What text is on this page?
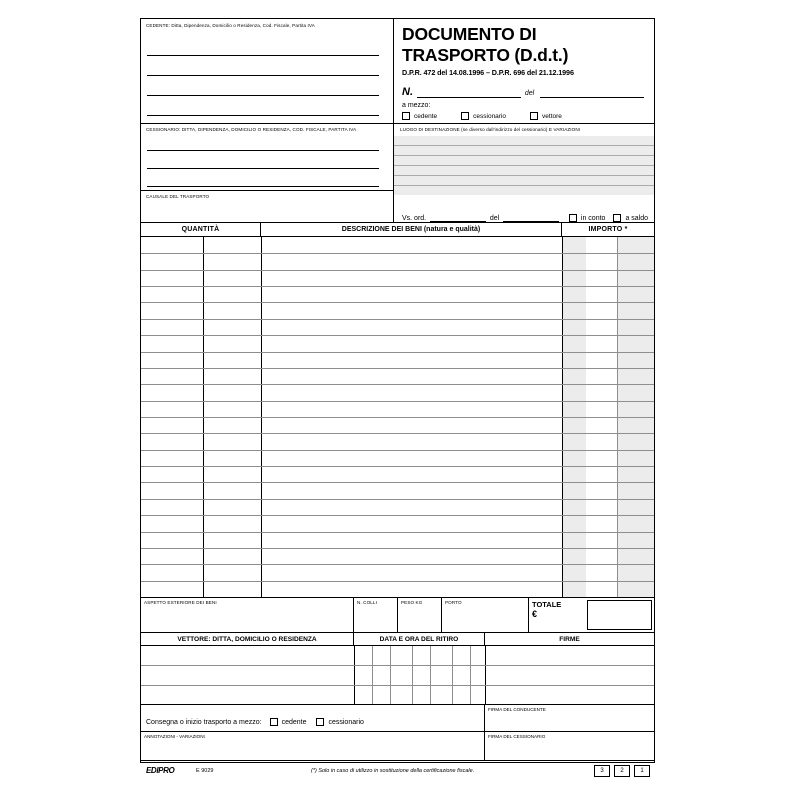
CEDENTE: Ditta, Dipendenza, Domicilio o Residenza, Cod. Fiscale, Partita IVA	DOCUMENTO DI TRASPORTO (D.d.t.)
D.P.R. 472 del 14.08.1996 – D.P.R. 696 del 21.12.1996
N.	del
a mezzo:
cedente	cessionario	vettore
CESSIONARIO: DITTA, DIPENDENZA, DOMICILIO O RESIDENZA, COD. FISCALE, PARTITA IVA	LUOGO DI DESTINAZIONE (se diverso dall'indirizzo del cessionario) E VARIAZIONI
CAUSALE DEL TRASPORTO
Vs. ord.	del	in conto	a saldo
QUANTITÀ	DESCRIZIONE DEI BENI (natura e qualità)	IMPORTO *
ASPETTO ESTERIORE DEI BENI	N. COLLI	PESO KG	PORTO	TOTALE
€
VETTORE: DITTA, DOMICILIO O RESIDENZA	DATA E ORA DEL RITIRO	FIRME
Consegna o inizio trasporto a mezzo:	cedente	cessionario
FIRMA DEL CONDUCENTE
ANNOTAZIONI - VARIAZIONI	FIRMA DEL CESSIONARIO
EDIPRO	E 9029	(*) Solo in caso di utilizzo in sostituzione della certificazione fiscale.	3	2	1
